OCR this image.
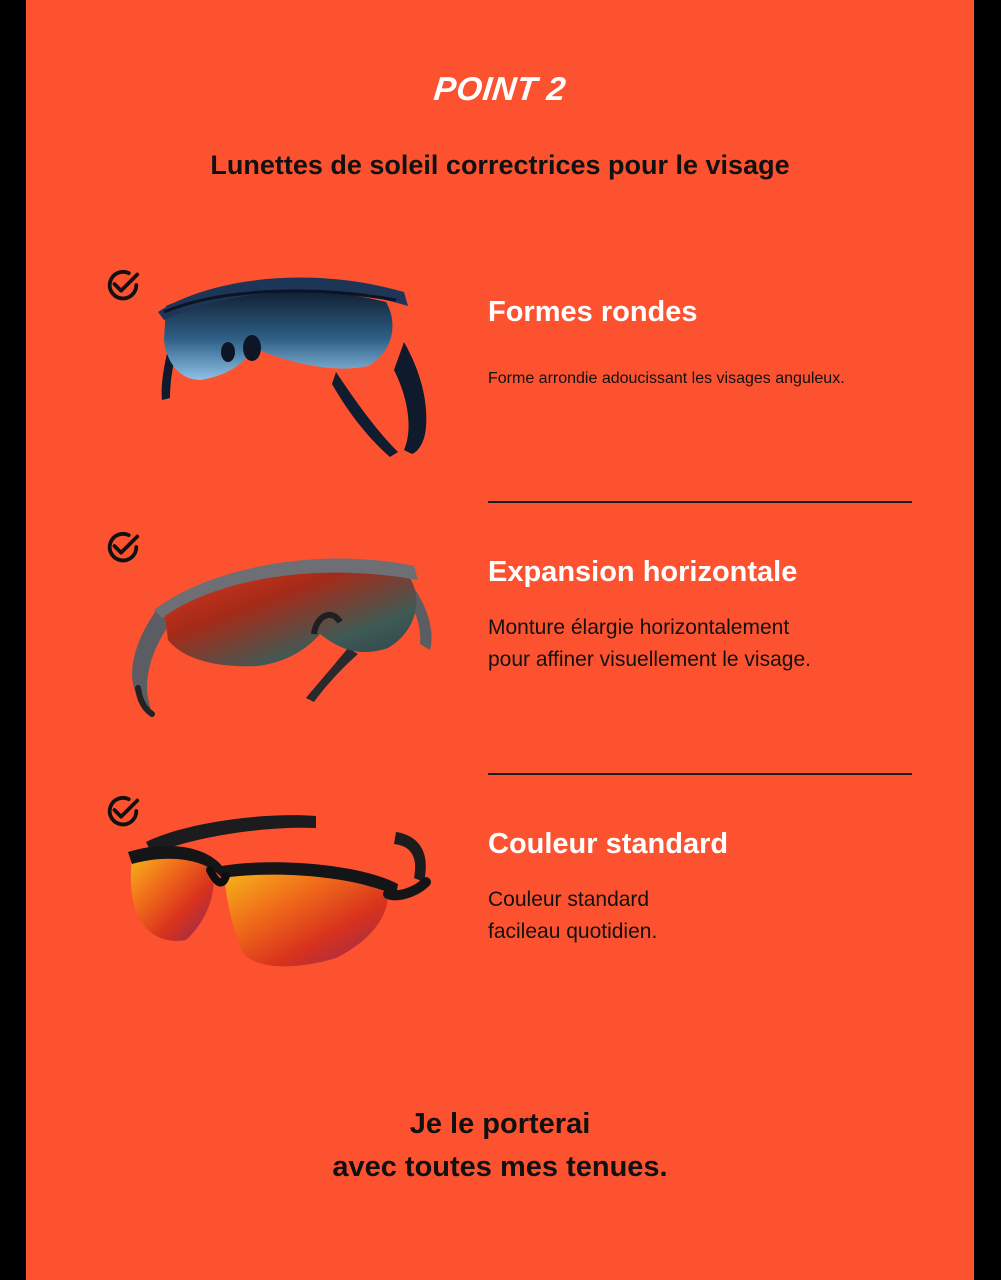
POINT 2
Lunettes de soleil correctrices pour le visage
Formes rondes
Forme arrondie adoucissant les visages anguleux.
Expansion horizontale
Monture élargie horizontalement
pour affiner visuellement le visage.
Couleur standard
Couleur standard
facileau quotidien.
Je le porterai
avec toutes mes tenues.
